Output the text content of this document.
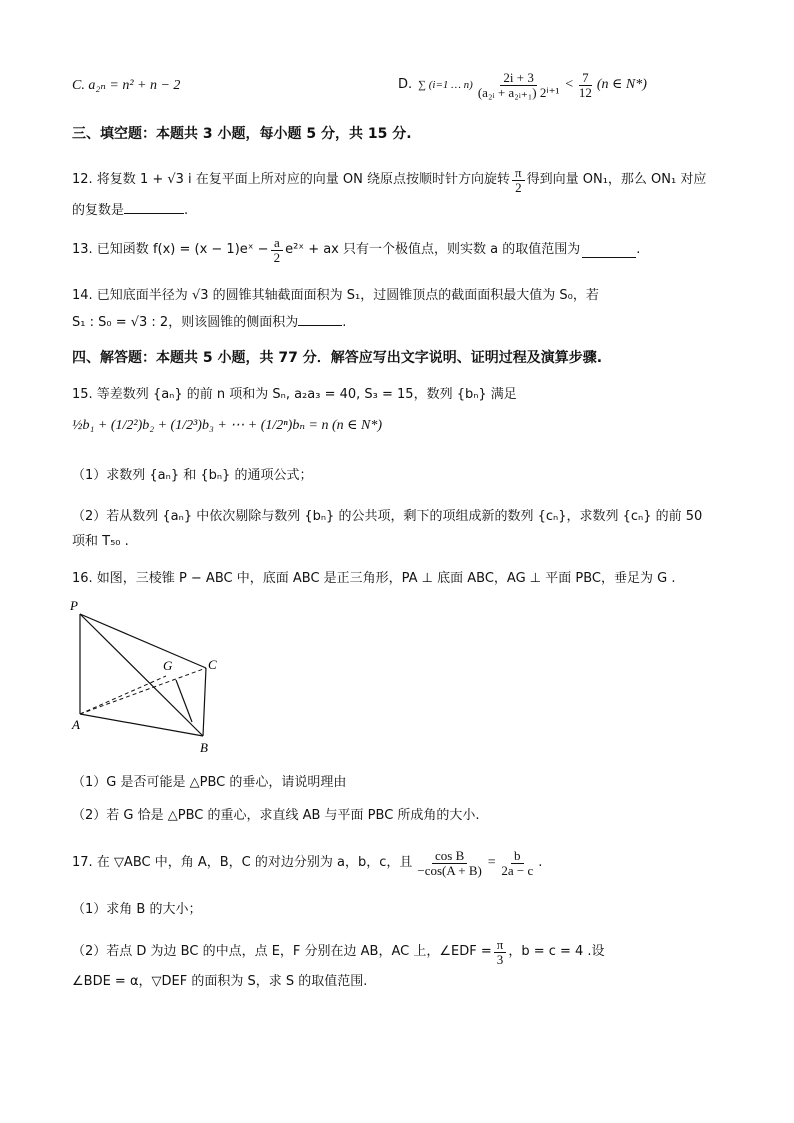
C. a₂ₙ = n² + n − 2	D. ∑ (i=1 … $n) \frac{2i + 3}{\text{(a₂ᵢ + a₂ᵢ₊₁) 2ⁱ⁺¹}} < \frac{7}{12} (n$ ∈ N*)
三、填空题：本题共 3 小题，每小题 5 分，共 15 分.
12. 将复数 1 + √3 i 在复平面上所对应的向量 ON 绕原点按顺时针方向旋转 $\frac{\pi}{2}$ 得到向量 ON₁，那么 ON₁ 对应
的复数是	.
13. 已知函数 f(x) = (x − 1)eˣ − $\frac{a}{2}$ e²ˣ + ax 只有一个极值点，则实数 a 的取值范围为	.
14. 已知底面半径为 √3 的圆锥其轴截面面积为 S₁，过圆锥顶点的截面面积最大值为 S₀，若
S₁ : S₀ = √3 : 2，则该圆锥的侧面积为	.
四、解答题：本题共 5 小题，共 77 分．解答应写出文字说明、证明过程及演算步骤.
15. 等差数列 {aₙ} 的前 n 项和为 Sₙ, a₂a₃ = 40, S₃ = 15，数列 {bₙ} 满足
½b₁ + (1/2²)b₂ + (1/2³)b₃ + ⋯ + (1/2ⁿ)bₙ = n (n ∈ N*)
（1）求数列 {aₙ} 和 {bₙ} 的通项公式；
（2）若从数列 {aₙ} 中依次剔除与数列 {bₙ} 的公共项，剩下的项组成新的数列 {cₙ}，求数列 {cₙ} 的前 50
项和 T₅₀ .
16. 如图，三棱锥 P − ABC 中，底面 ABC 是正三角形，PA ⊥ 底面 ABC，AG ⊥ 平面 PBC，垂足为 G .
P
G	C
A
B
（1）G 是否可能是 △PBC 的垂心，请说明理由
（2）若 G 恰是 △PBC 的重心，求直线 AB 与平面 PBC 所成角的大小.
17. 在 ▽ABC 中，角 A，B，C 的对边分别为 a，b，c，且 $\frac{\text{cos B}}{-\cos(A + B)} = \frac{b}{2a - c}$ .
（1）求角 B 的大小；
（2）若点 D 为边 BC 的中点，点 E，F 分别在边 AB，AC 上，∠EDF = $\frac{\pi}{3}$ ，b = c = 4 .设
∠BDE = α，▽DEF 的面积为 S，求 S 的取值范围.
